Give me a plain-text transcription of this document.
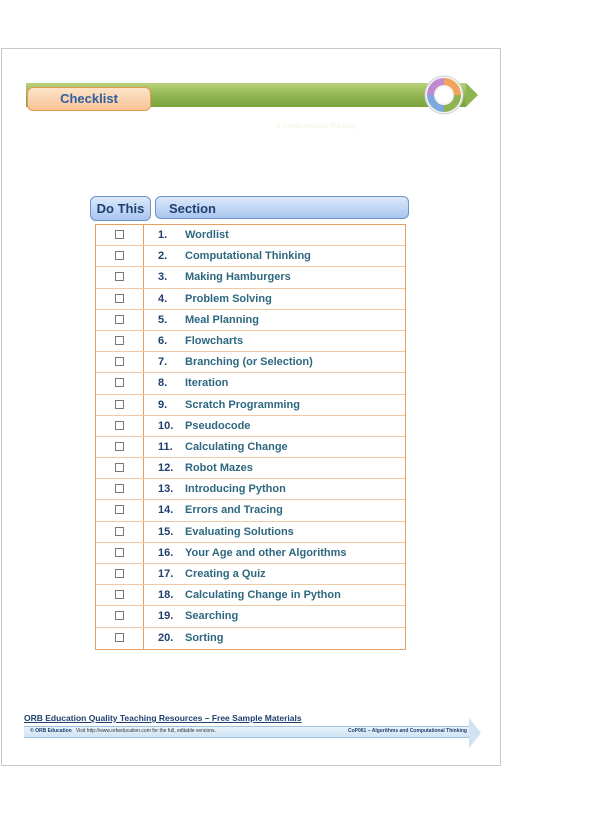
Algorithms
& Computational Thinking
Checklist
Do This	Section
1. Wordlist
2. Computational Thinking
3. Making Hamburgers
4. Problem Solving
5. Meal Planning
6. Flowcharts
7. Branching (or Selection)
8. Iteration
9. Scratch Programming
10. Pseudocode
11. Calculating Change
12. Robot Mazes
13. Introducing Python
14. Errors and Tracing
15. Evaluating Solutions
16. Your Age and other Algorithms
17. Creating a Quiz
18. Calculating Change in Python
19. Searching
20. Sorting
ORB Education Quality Teaching Resources – Free Sample Materials
© ORB Education Visit http://www.orbeducation.com for the full, editable versions.	CoP061 – Algorithms and Computational Thinking
